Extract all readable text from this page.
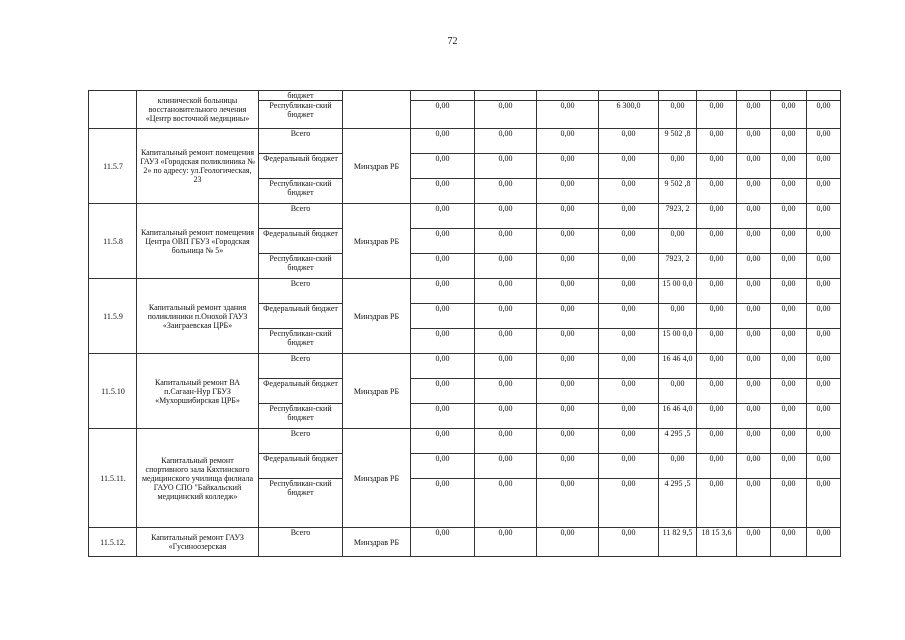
72
	клинической больницы восстановительного лечения «Центр восточной медицины»	бюджет										
		Республикан-ский бюджет		0,00	0,00	0,00	6 300,0	0,00	0,00	0,00	0,00	0,00
11.5.7	Капитальный ремонт помещения ГАУЗ «Городская поликлиника № 2» по адресу: ул.Геологическая, 23	Всего	Минздрав РБ	0,00	0,00	0,00	0,00	9 502 ,8	0,00	0,00	0,00	0,00
		Федеральный бюджет		0,00	0,00	0,00	0,00	0,00	0,00	0,00	0,00	0,00
		Республикан-ский бюджет		0,00	0,00	0,00	0,00	9 502 ,8	0,00	0,00	0,00	0,00
11.5.8	Капитальный ремонт помещения Центра ОВП ГБУЗ «Городская больница № 5»	Всего	Минздрав РБ	0,00	0,00	0,00	0,00	7923, 2	0,00	0,00	0,00	0,00
		Федеральный бюджет		0,00	0,00	0,00	0,00	0,00	0,00	0,00	0,00	0,00
		Республикан-ский бюджет		0,00	0,00	0,00	0,00	7923, 2	0,00	0,00	0,00	0,00
11.5.9	Капитальный ремонт здания поликлиники п.Онохой ГАУЗ «Заиграевская ЦРБ»	Всего	Минздрав РБ	0,00	0,00	0,00	0,00	15 00 0,0	0,00	0,00	0,00	0,00
		Федеральный бюджет		0,00	0,00	0,00	0,00	0,00	0,00	0,00	0,00	0,00
		Республикан-ский бюджет		0,00	0,00	0,00	0,00	15 00 0,0	0,00	0,00	0,00	0,00
11.5.10	Капитальный ремонт ВА п.Сагаан-Нур ГБУЗ «Мухоршибирская ЦРБ»	Всего	Минздрав РБ	0,00	0,00	0,00	0,00	16 46 4,0	0,00	0,00	0,00	0,00
		Федеральный бюджет		0,00	0,00	0,00	0,00	0,00	0,00	0,00	0,00	0,00
		Республикан-ский бюджет		0,00	0,00	0,00	0,00	16 46 4,0	0,00	0,00	0,00	0,00
11.5.11.	Капитальный ремонт спортивного зала Кяхтинского медицинского училища филиала ГАУО СПО "Байкальский медицинский колледж»	Всего	Минздрав РБ	0,00	0,00	0,00	0,00	4 295 ,5	0,00	0,00	0,00	0,00
		Федеральный бюджет		0,00	0,00	0,00	0,00	0,00	0,00	0,00	0,00	0,00
		Республикан-ский бюджет		0,00	0,00	0,00	0,00	4 295 ,5	0,00	0,00	0,00	0,00
11.5.12.	Капитальный ремонт ГАУЗ «Гусиноозерская	Всего	Минздрав РБ	0,00	0,00	0,00	0,00	11 82 9,5	18 15 3,6	0,00	0,00	0,00
